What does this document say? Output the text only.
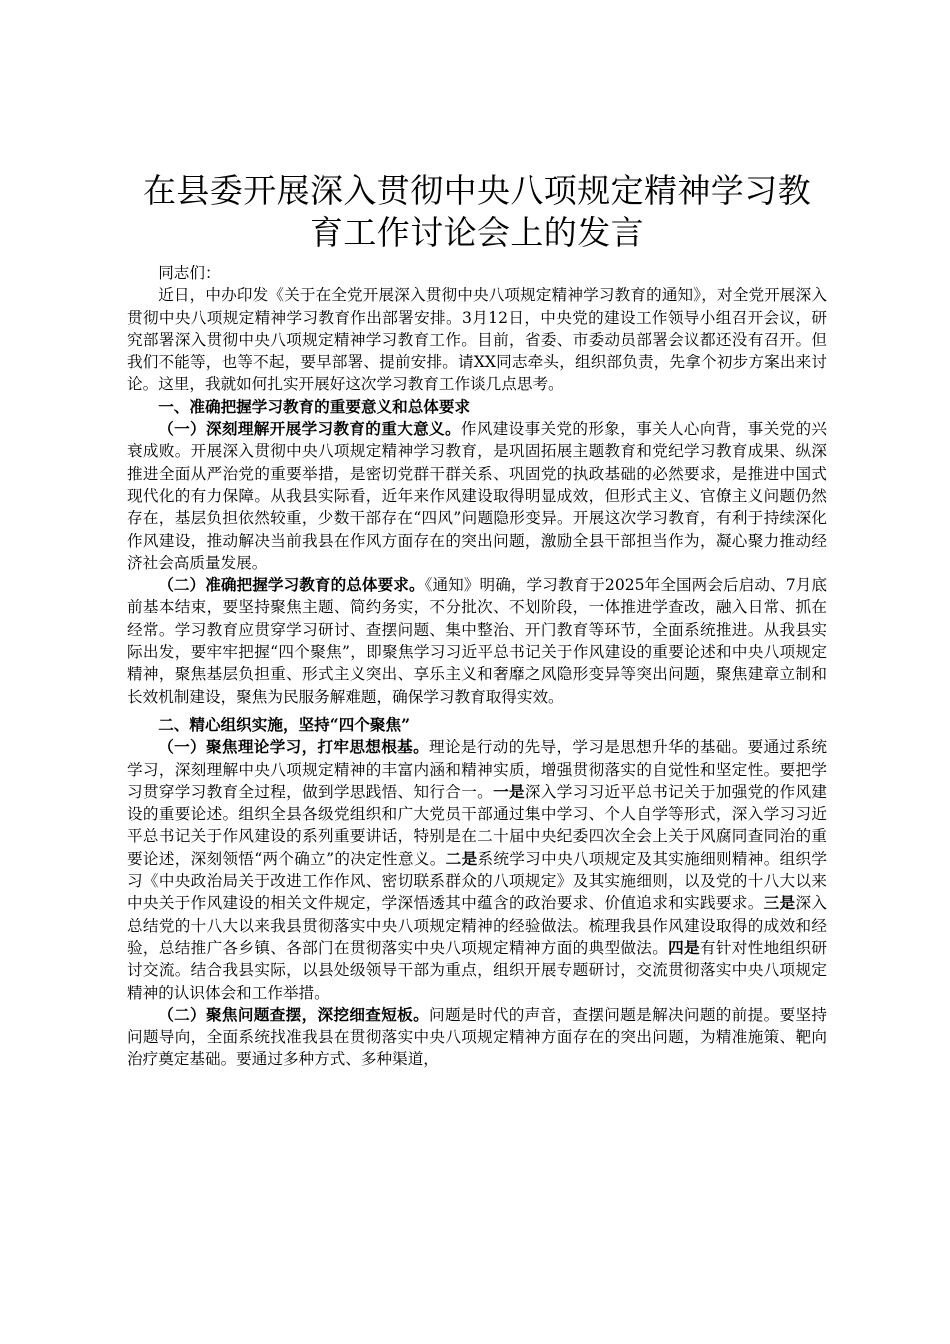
在县委开展深入贯彻中央八项规定精神学习教
育工作讨论会上的发言

同志们：

近日，中办印发《关于在全党开展深入贯彻中央八项规定精神学习教育的通知》，对全党开展深入贯彻中央八项规定精神学习教育作出部署安排。3月12日，中央党的建设工作领导小组召开会议，研究部署深入贯彻中央八项规定精神学习教育工作。目前，省委、市委动员部署会议都还没有召开。但我们不能等，也等不起，要早部署、提前安排。请XX同志牵头，组织部负责，先拿个初步方案出来讨论。这里，我就如何扎实开展好这次学习教育工作谈几点思考。

一、准确把握学习教育的重要意义和总体要求

（一）深刻理解开展学习教育的重大意义。作风建设事关党的形象，事关人心向背，事关党的兴衰成败。开展深入贯彻中央八项规定精神学习教育，是巩固拓展主题教育和党纪学习教育成果、纵深推进全面从严治党的重要举措，是密切党群干群关系、巩固党的执政基础的必然要求，是推进中国式现代化的有力保障。从我县实际看，近年来作风建设取得明显成效，但形式主义、官僚主义问题仍然存在，基层负担依然较重，少数干部存在“四风”问题隐形变异。开展这次学习教育，有利于持续深化作风建设，推动解决当前我县在作风方面存在的突出问题，激励全县干部担当作为，凝心聚力推动经济社会高质量发展。

（二）准确把握学习教育的总体要求。《通知》明确，学习教育于2025年全国两会后启动、7月底前基本结束，要坚持聚焦主题、简约务实，不分批次、不划阶段，一体推进学查改，融入日常、抓在经常。学习教育应贯穿学习研讨、查摆问题、集中整治、开门教育等环节，全面系统推进。从我县实际出发，要牢牢把握“四个聚焦”，即聚焦学习习近平总书记关于作风建设的重要论述和中央八项规定精神，聚焦基层负担重、形式主义突出、享乐主义和奢靡之风隐形变异等突出问题，聚焦建章立制和长效机制建设，聚焦为民服务解难题，确保学习教育取得实效。

二、精心组织实施，坚持“四个聚焦”

（一）聚焦理论学习，打牢思想根基。理论是行动的先导，学习是思想升华的基础。要通过系统学习，深刻理解中央八项规定精神的丰富内涵和精神实质，增强贯彻落实的自觉性和坚定性。要把学习贯穿学习教育全过程，做到学思践悟、知行合一。一是深入学习习近平总书记关于加强党的作风建设的重要论述。组织全县各级党组织和广大党员干部通过集中学习、个人自学等形式，深入学习习近平总书记关于作风建设的系列重要讲话，特别是在二十届中央纪委四次全会上关于风腐同查同治的重要论述，深刻领悟“两个确立”的决定性意义。二是系统学习中央八项规定及其实施细则精神。组织学习《中央政治局关于改进工作作风、密切联系群众的八项规定》及其实施细则，以及党的十八大以来中央关于作风建设的相关文件规定，学深悟透其中蕴含的政治要求、价值追求和实践要求。三是深入总结党的十八大以来我县贯彻落实中央八项规定精神的经验做法。梳理我县作风建设取得的成效和经验，总结推广各乡镇、各部门在贯彻落实中央八项规定精神方面的典型做法。四是有针对性地组织研讨交流。结合我县实际，以县处级领导干部为重点，组织开展专题研讨，交流贯彻落实中央八项规定精神的认识体会和工作举措。

（二）聚焦问题查摆，深挖细查短板。问题是时代的声音，查摆问题是解决问题的前提。要坚持问题导向，全面系统找准我县在贯彻落实中央八项规定精神方面存在的突出问题，为精准施策、靶向治疗奠定基础。要通过多种方式、多种渠道，
